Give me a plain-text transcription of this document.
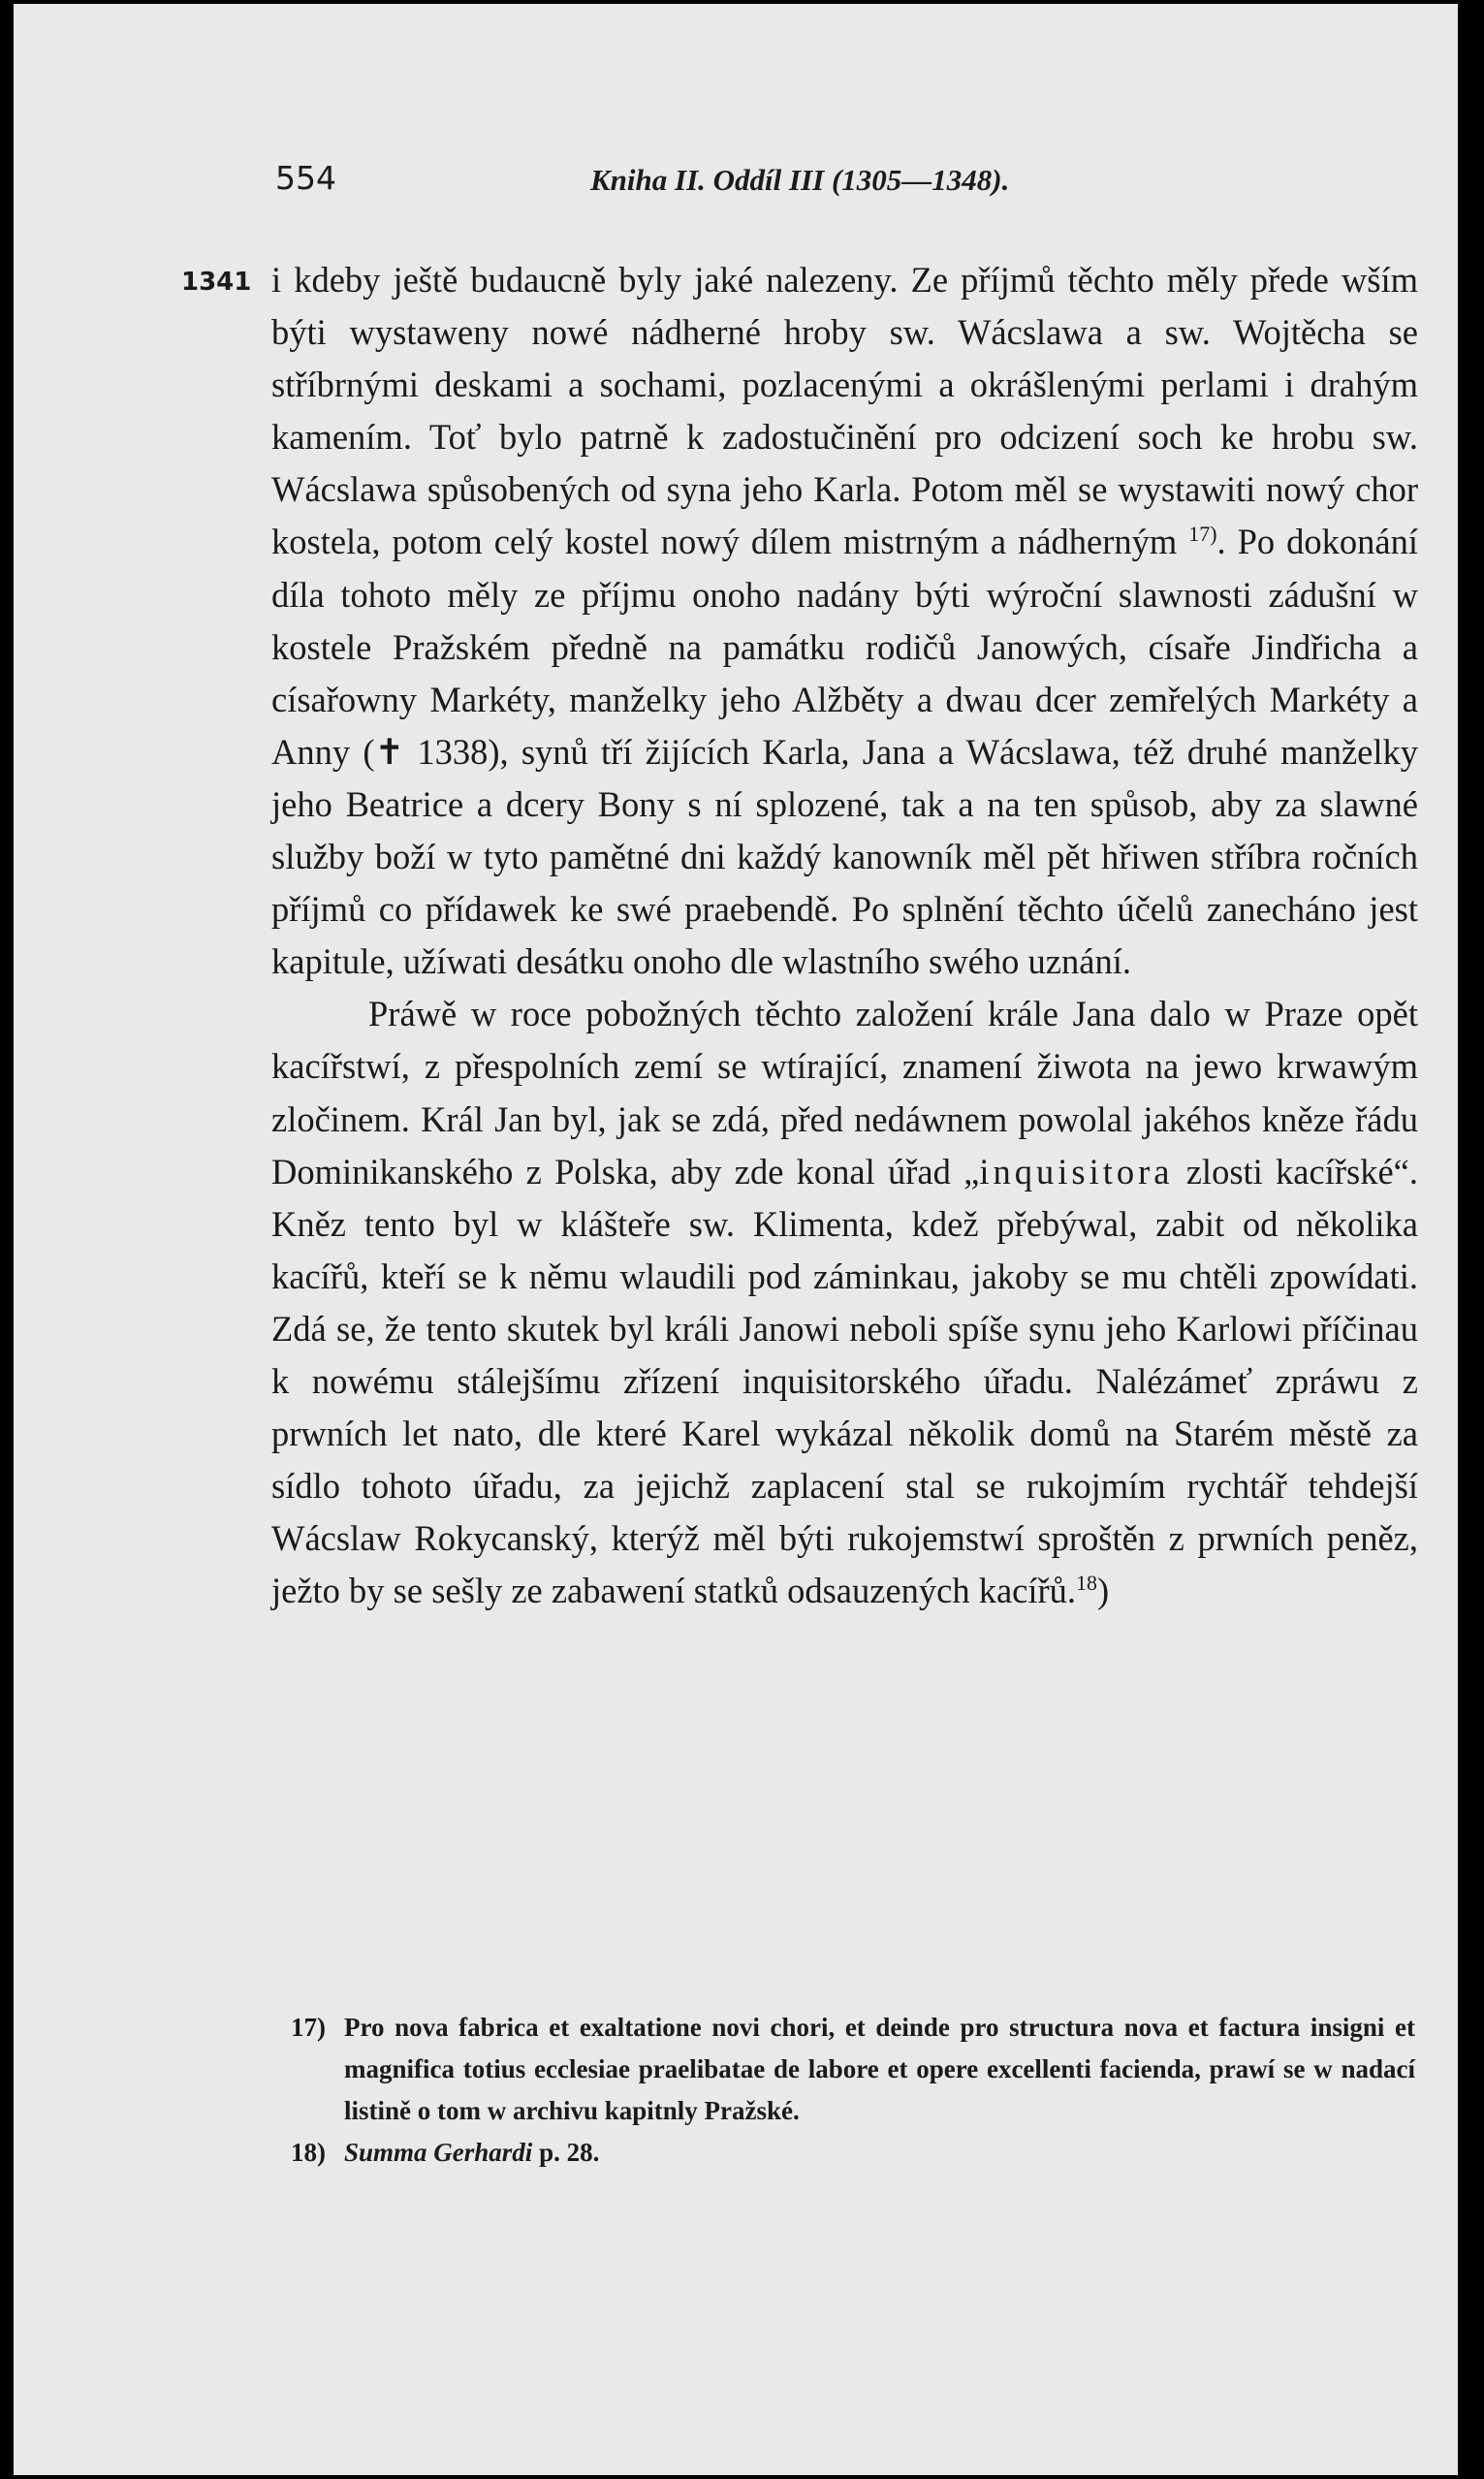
554	Kniha II. Oddíl III (1305—1348).
1341 i kdeby ještě budaucně byly jaké nalezeny. Ze příjmů těchto měly přede wším býti wystaweny nowé nádherné hroby sw. Wácslawa a sw. Wojtěcha se stříbrnými deskami a sochami, pozlacenými a okrášlenými perlami i drahým kamením. Toť bylo patrně k zadostučinění pro odcizení soch ke hrobu sw. Wácslawa spůsobených od syna jeho Karla. Potom měl se wystawiti nowý chor kostela, potom celý kostel nowý dílem mistrným a nádherným $^{17)}$. Po dokonání díla tohoto měly ze příjmu onoho nadány býti wýroční slawnosti zádušní w kostele Pražském předně na památku rodičů Janowých, císaře Jindřicha a císařowny Markéty, manželky jeho Alžběty a dwau dcer zemřelých Markéty a Anny (✝ 1338), synů tří žijících Karla, Jana a Wácslawa, též druhé manželky jeho Beatrice a dcery Bony s ní splozené, tak a na ten spůsob, aby za slawné služby boží w tyto pamětné dni každý kanowník měl pět hřiwen stříbra ročních příjmů co přídawek ke swé praebendě. Po splnění těchto účelů zanecháno jest kapitule, užíwati desátku onoho dle wlastního swého uznání.

Práwě w roce pobožných těchto založení krále Jana dalo w Praze opět kacířstwí, z přespolních zemí se wtírající, znamení žiwota na jewo krwawým zločinem. Král Jan byl, jak se zdá, před nedáwnem powolal jakéhos kněze řádu Dominikanského z Polska, aby zde konal úřad „inquisitora zlosti kacířské“. Kněz tento byl w klášteře sw. Klimenta, kdež přebýwal, zabit od několika kacířů, kteří se k němu wlaudili pod záminkau, jakoby se mu chtěli zpowídati. Zdá se, že tento skutek byl králi Janowi neboli spíše synu jeho Karlowi příčinau k nowému stálejšímu zřízení inquisitorského úřadu. Nalézámeť zpráwu z prwních let nato, dle které Karel wykázal několik domů na Starém městě za sídlo tohoto úřadu, za jejichž zaplacení stal se rukojmím rychtář tehdejší Wácslaw Rokycanský, kterýž měl býti rukojemstwí sproštěn z prwních peněz, ježto by se sešly ze zabawení statků odsauzených kacířů.$^{18}$)

17) Pro nova fabrica et exaltatione novi chori, et deinde pro structura nova et factura insigni et magnifica totius ecclesiae praelibatae de labore et opere excellenti facienda, prawí se w nadací listině o tom w archivu kapitnly Pražské.
18) Summa Gerhardi p. 28.
